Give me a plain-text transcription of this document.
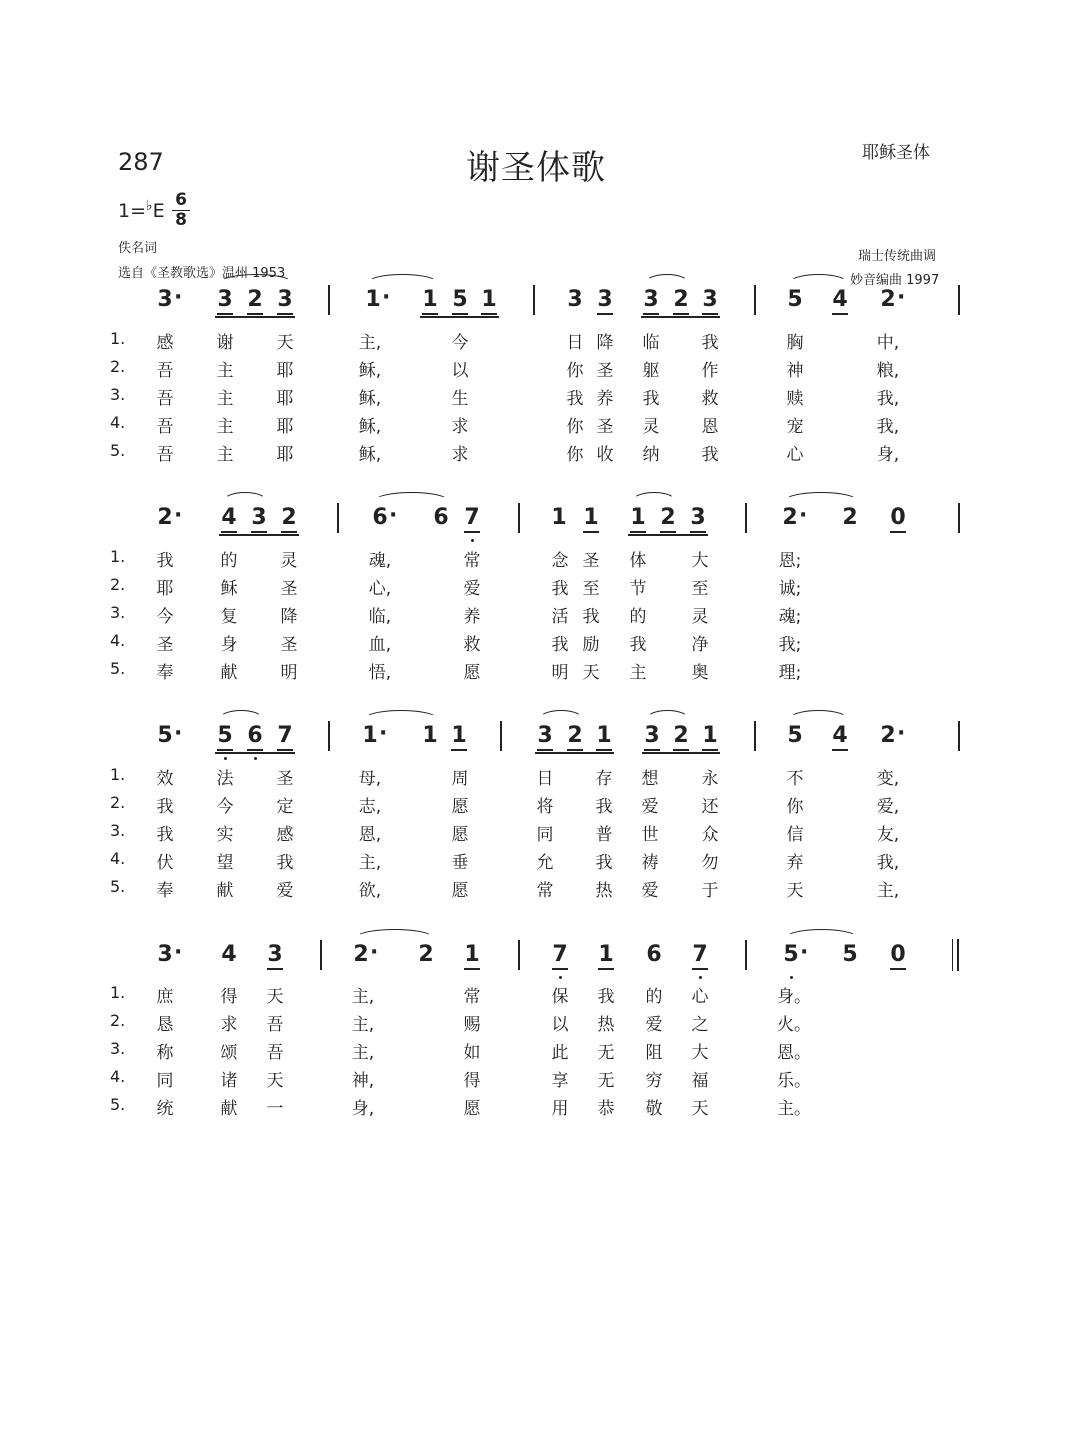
287	谢圣体歌	耶稣圣体
1=♭E 6
8
佚名词
选自《圣教歌选》温州 1953
瑞士传统曲调
妙音编曲 1997
3 · 3 2 3	1 · 1 5 1	3 3 3 2 3	5 4 2 ·
1. 感	谢	天	主,	今	日 降 临 我	胸	中,
2. 吾	主	耶	稣,	以	你 圣 躯 作	神	粮,
3. 吾	主	耶	稣,	生	我 养 我 救	赎	我,
4. 吾	主	耶	稣,	求	你 圣 灵 恩	宠	我,
5. 吾	主	耶	稣,	求	你 收 纳 我	心	身,
2 · 4 3 2	6 · 6 7	1 1 1 2 3	2 · 2 0
1. 我	的	灵	魂,	常	念 圣 体	大	恩;
2. 耶	稣	圣	心,	爱	我 至 节	至	诚;
3. 今	复	降	临,	养	活 我 的	灵	魂;
4. 圣	身	圣	血,	救	我 励 我	净	我;
5. 奉	献	明	悟,	愿	明 天 主	奥	理;
5 · 5 6 7	1 · 1 1	3 2 1 3 2 1	5 4 2 ·
1. 效	法	圣	母,	周	日 存 想	永	不	变,
2. 我	今	定	志,	愿	将 我 爱	还	你	爱,
3. 我	实	感	恩,	愿	同 普 世	众	信	友,
4. 伏	望	我	主,	垂	允 我 祷	勿	弃	我,
5. 奉	献	爱	欲,	愿	常 热 爱	于	天	主,
3 · 4 3	2 · 2 1	7 1 6 7	5 · 5 0
1. 庶	得 天	主,	常	保 我 的 心	身。
2. 恳	求 吾	主,	赐	以 热 爱 之	火。
3. 称	颂 吾	主,	如	此 无 阻 大	恩。
4. 同	诸 天	神,	得	享 无 穷 福	乐。
5. 统	献 一	身,	愿	用 恭 敬 天	主。
